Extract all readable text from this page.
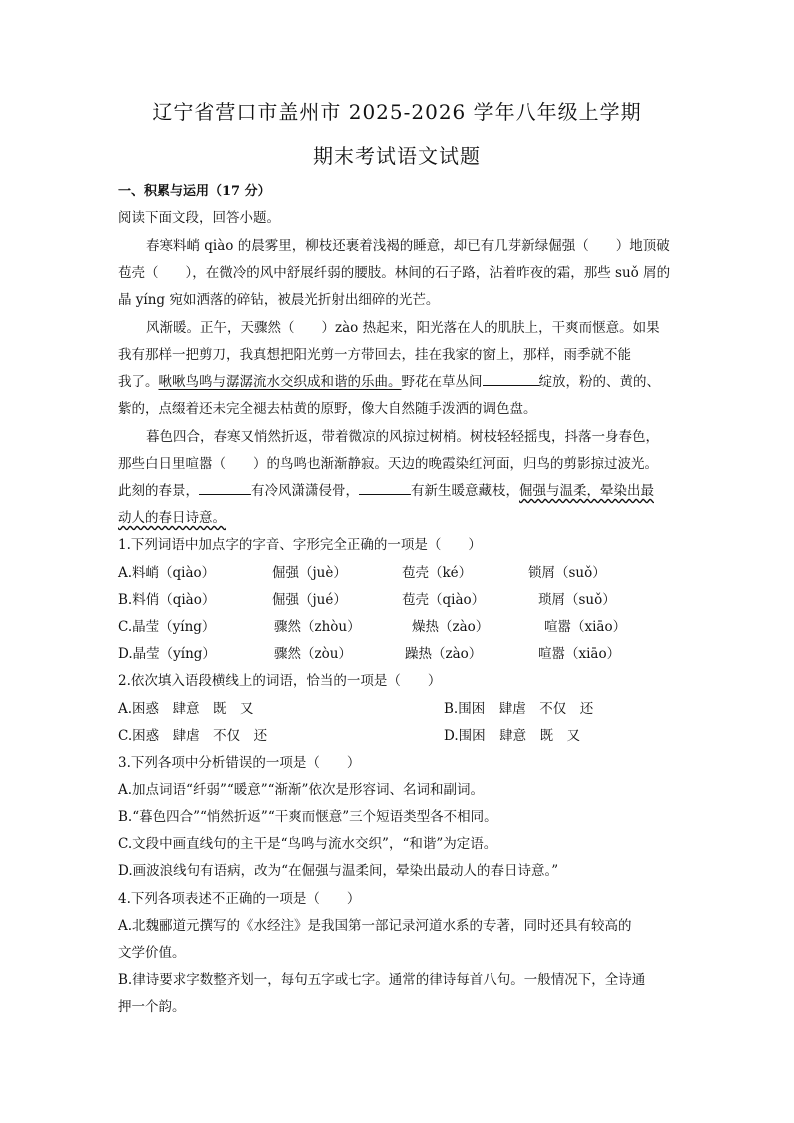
辽宁省营口市盖州市 2025-2026 学年八年级上学期
期末考试语文试题
一、积累与运用（17 分）
阅读下面文段，回答小题。
春寒料峭 qiào 的晨雾里，柳枝还裹着浅褐的睡意，却已有几芽新绿倔强（　　）地顶破
苞壳（　　），在微冷的风中舒展纤弱的腰肢。林间的石子路，沾着昨夜的霜，那些 suǒ 屑的
晶 yíng 宛如洒落的碎钻，被晨光折射出细碎的光芒。
风渐暖。正午，天骤然（　　）zào 热起来，阳光落在人的肌肤上，干爽而惬意。如果
我有那样一把剪刀，我真想把阳光剪一方带回去，挂在我家的窗上，那样，雨季就不能
我了。啾啾鸟鸣与潺潺流水交织成和谐的乐曲。野花在草丛间	绽放，粉的、黄的、
紫的，点缀着还未完全褪去枯黄的原野，像大自然随手泼洒的调色盘。
暮色四合，春寒又悄然折返，带着微凉的风掠过树梢。树枝轻轻摇曳，抖落一身春色，
那些白日里喧嚣（　　）的鸟鸣也渐渐静寂。天边的晚霞染红河面，归鸟的剪影掠过波光。
此刻的春景，	有冷风潇潇侵骨，	有新生暖意藏枝，倔强与温柔，晕染出最
动人的春日诗意。
1.下列词语中加点字的字音、字形完全正确的一项是（　　）
A.料峭（qiào）	倔强（juè）	苞壳（ké）	锁屑（suǒ）
B.料俏（qiào）	倔强（jué）	苞壳（qiào）	琐屑（suǒ）
C.晶莹（yíng）	骤然（zhòu）	燥热（zào）	喧嚣（xiāo）
D.晶莹（yíng）	骤然（zòu）	躁热（zào）	喧嚣（xiāo）
2.依次填入语段横线上的词语，恰当的一项是（　　）
A.困惑　肆意　既　又	B.围困　肆虐　不仅　还
C.困惑　肆虐　不仅　还	D.围困　肆意　既　又
3.下列各项中分析错误的一项是（　　）
A.加点词语“纤弱”“暖意”“渐渐”依次是形容词、名词和副词。
B.“暮色四合”“悄然折返”“干爽而惬意”三个短语类型各不相同。
C.文段中画直线句的主干是“鸟鸣与流水交织”，“和谐”为定语。
D.画波浪线句有语病，改为“在倔强与温柔间，晕染出最动人的春日诗意。”
4.下列各项表述不正确的一项是（　　）
A.北魏郦道元撰写的《水经注》是我国第一部记录河道水系的专著，同时还具有较高的
文学价值。
B.律诗要求字数整齐划一，每句五字或七字。通常的律诗每首八句。一般情况下，全诗通
押一个韵。
